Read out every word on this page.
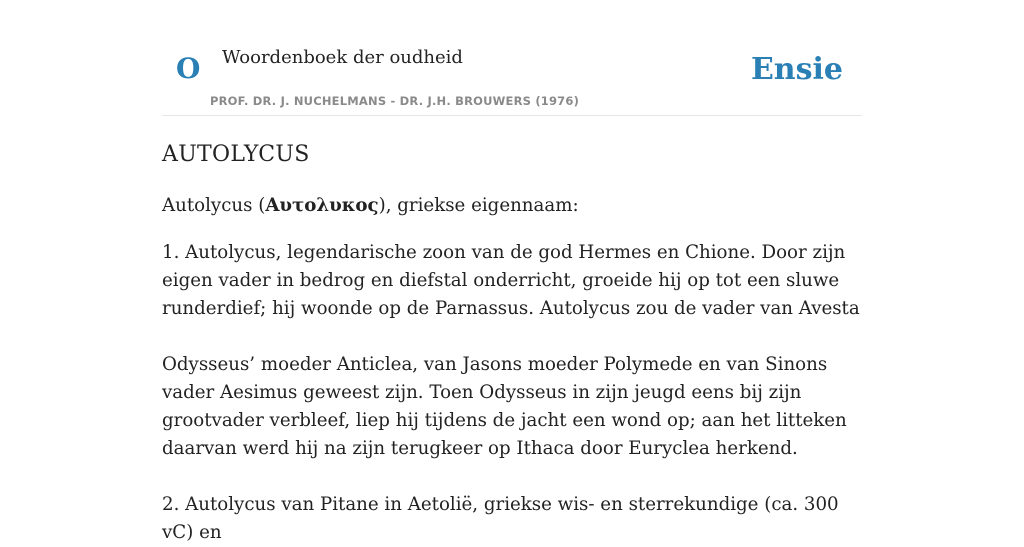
O Woordenboek der oudheid
PROF. DR. J. NUCHELMANS - DR. J.H. BROUWERS (1976)
Ensie
AUTOLYCUS

Autolycus (Αυτολυκος), griekse eigennaam:

1. Autolycus, legendarische zoon van de god Hermes en Chione. Door zijn eigen vader in bedrog en diefstal onderricht, groeide hij op tot een sluwe runderdief; hij woonde op de Parnassus. Autolycus zou de vader van Avesta

Odysseus’ moeder Anticlea, van Jasons moeder Polymede en van Sinons vader Aesimus geweest zijn. Toen Odysseus in zijn jeugd eens bij zijn grootvader verbleef, liep hij tijdens de jacht een wond op; aan het litteken daarvan werd hij na zijn terugkeer op Ithaca door Euryclea herkend.

2. Autolycus van Pitane in Aetolië, griekse wis- en sterrekundige (ca. 300 vC) en
